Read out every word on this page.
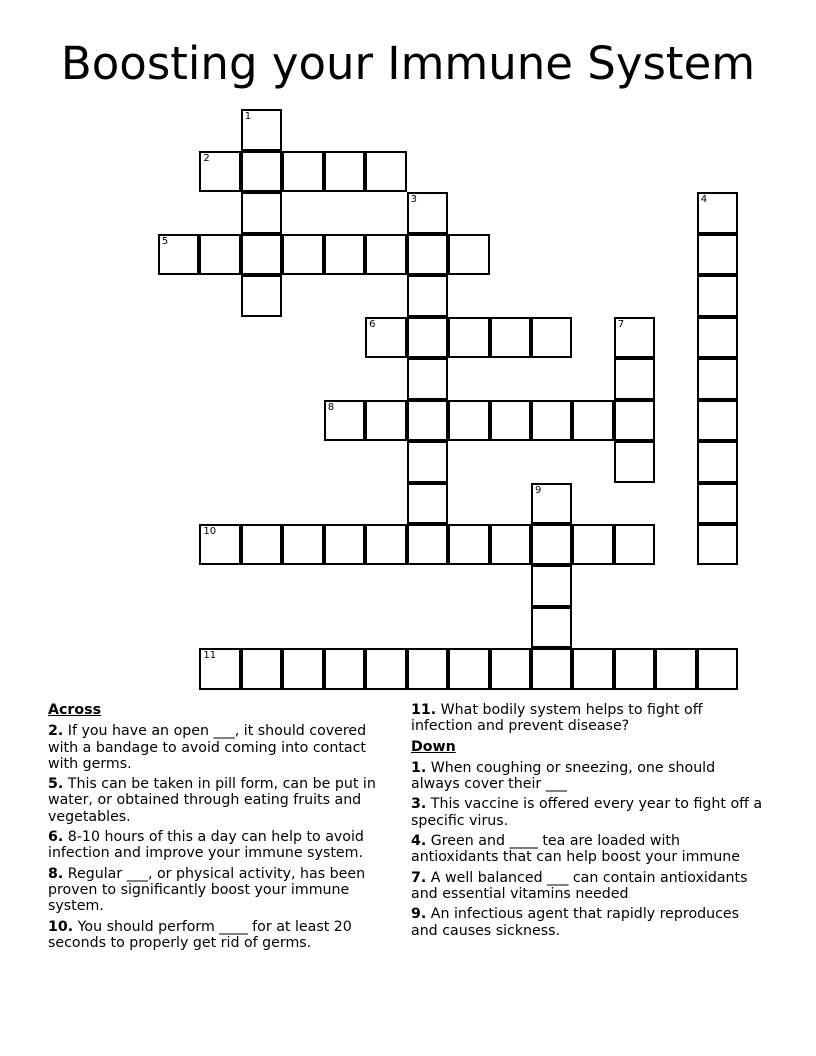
Boosting your Immune System
1
2
3	4
5
6	7
8
9
10
11
Across
2. If you have an open ___, it should covered with a bandage to avoid coming into contact with germs.
5. This can be taken in pill form, can be put in water, or obtained through eating fruits and vegetables.
6. 8-10 hours of this a day can help to avoid infection and improve your immune system.
8. Regular ___, or physical activity, has been proven to significantly boost your immune system.
10. You should perform ____ for at least 20 seconds to properly get rid of germs.
11. What bodily system helps to fight off infection and prevent disease?
Down
1. When coughing or sneezing, one should always cover their ___
3. This vaccine is offered every year to fight off a specific virus.
4. Green and ____ tea are loaded with antioxidants that can help boost your immune
7. A well balanced ___ can contain antioxidants and essential vitamins needed
9. An infectious agent that rapidly reproduces and causes sickness.
